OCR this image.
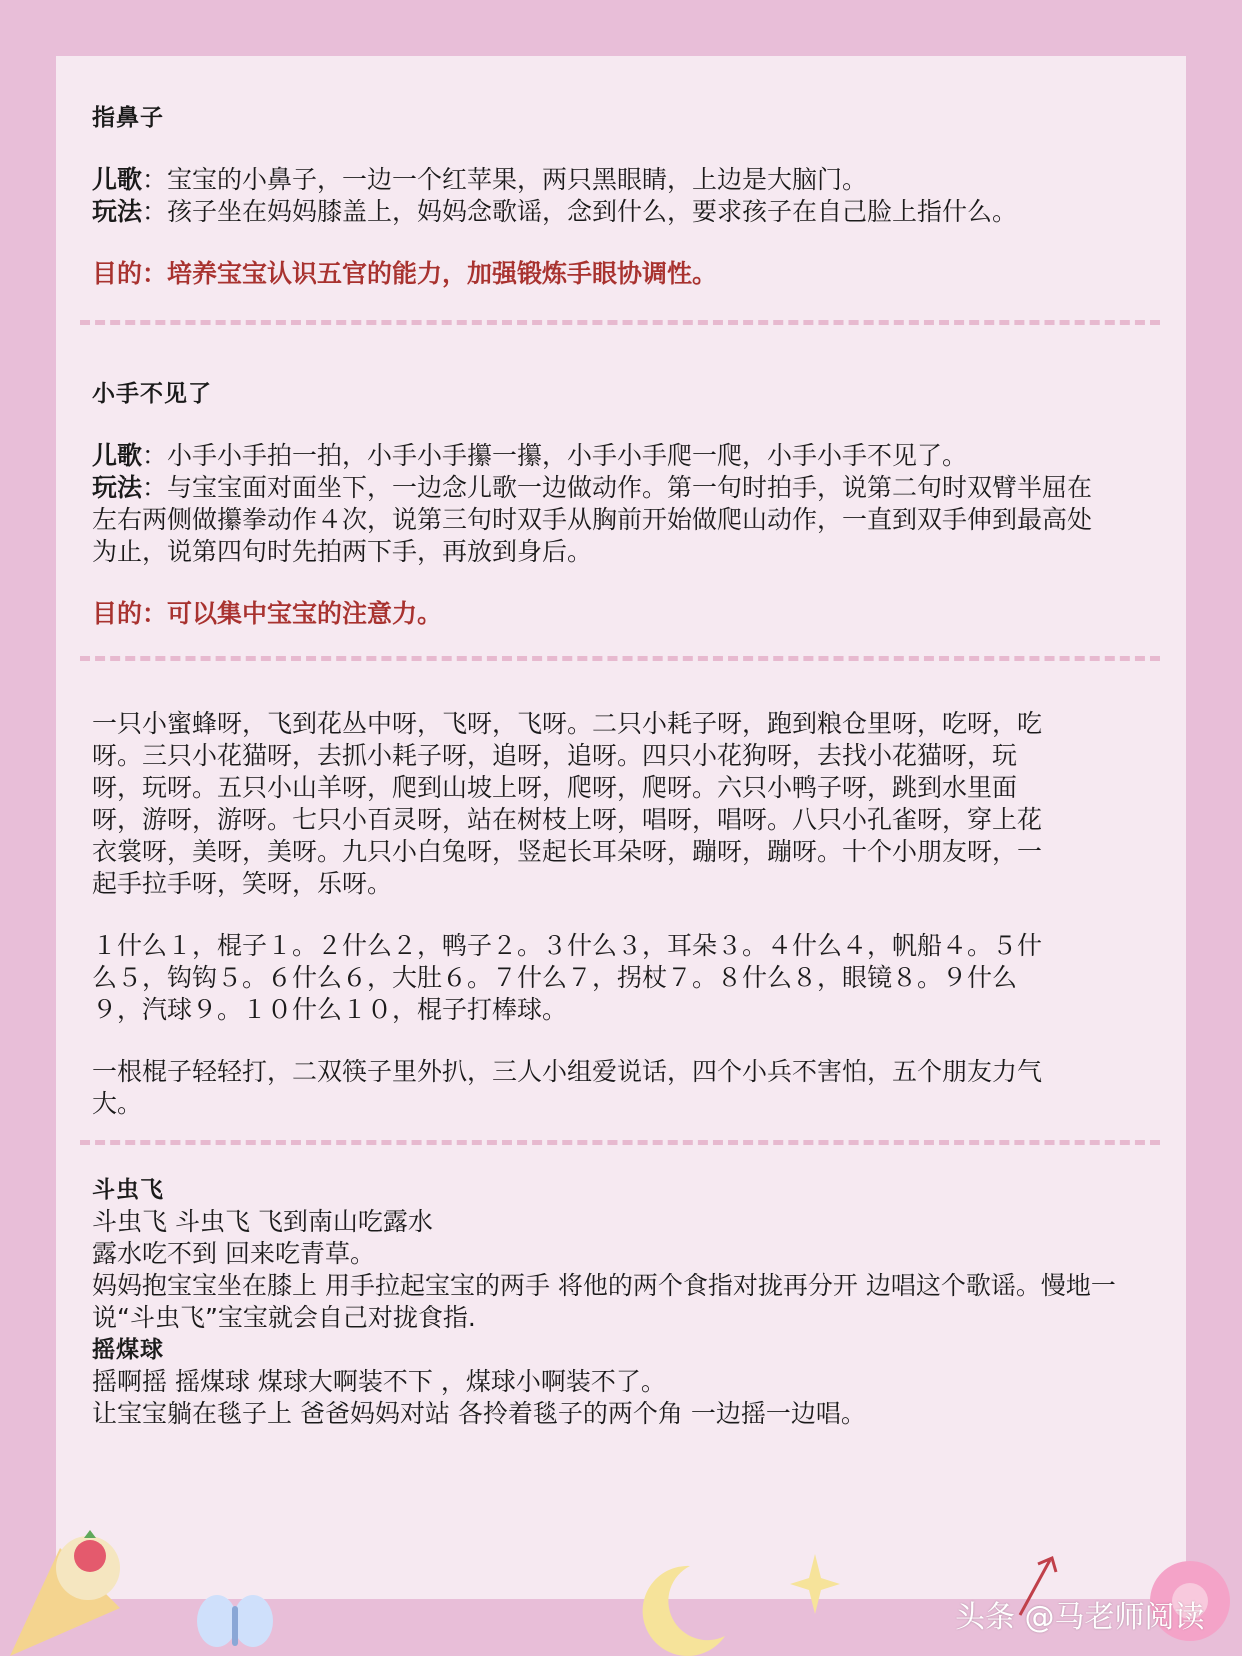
指鼻子
儿歌：宝宝的小鼻子，一边一个红苹果，两只黑眼睛，上边是大脑门。
玩法：孩子坐在妈妈膝盖上，妈妈念歌谣，念到什么，要求孩子在自己脸上指什么。
目的：培养宝宝认识五官的能力，加强锻炼手眼协调性。
小手不见了
儿歌：小手小手拍一拍，小手小手攥一攥，小手小手爬一爬，小手小手不见了。
玩法：与宝宝面对面坐下，一边念儿歌一边做动作。第一句时拍手，说第二句时双臂半屈在左右两侧做攥拳动作４次，说第三句时双手从胸前开始做爬山动作，一直到双手伸到最高处为止，说第四句时先拍两下手，再放到身后。
目的：可以集中宝宝的注意力。
一只小蜜蜂呀，飞到花丛中呀，飞呀，飞呀。二只小耗子呀，跑到粮仓里呀，吃呀，吃呀。三只小花猫呀，去抓小耗子呀，追呀，追呀。四只小花狗呀，去找小花猫呀，玩呀，玩呀。五只小山羊呀，爬到山坡上呀，爬呀，爬呀。六只小鸭子呀，跳到水里面呀，游呀，游呀。七只小百灵呀，站在树枝上呀，唱呀，唱呀。八只小孔雀呀，穿上花衣裳呀，美呀，美呀。九只小白兔呀，竖起长耳朵呀，蹦呀，蹦呀。十个小朋友呀，一起手拉手呀，笑呀，乐呀。
１什么１，棍子１。２什么２，鸭子２。３什么３，耳朵３。４什么４，帆船４。５什么５，钩钩５。６什么６，大肚６。７什么７，拐杖７。８什么８，眼镜８。９什么９，汽球９。１０什么１０，棍子打棒球。
一根棍子轻轻打，二双筷子里外扒，三人小组爱说话，四个小兵不害怕，五个朋友力气大。
斗虫飞
斗虫飞 斗虫飞 飞到南山吃露水
露水吃不到 回来吃青草。
妈妈抱宝宝坐在膝上 用手拉起宝宝的两手 将他的两个食指对拢再分开 边唱这个歌谣。慢地一说“斗虫飞”宝宝就会自己对拢食指.
摇煤球
摇啊摇 摇煤球 煤球大啊装不下 ，煤球小啊装不了。
让宝宝躺在毯子上 爸爸妈妈对站 各拎着毯子的两个角 一边摇一边唱。
头条 @马老师阅读
